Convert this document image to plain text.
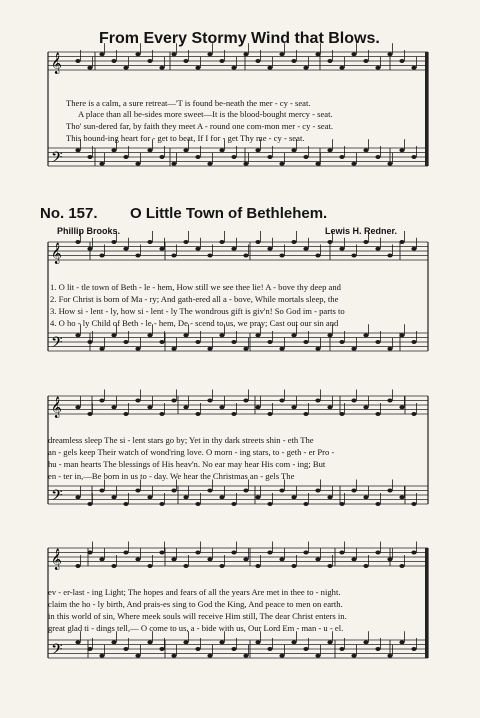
From Every Stormy Wind that Blows.
No. 157. O Little Town of Bethlehem.
Phillip Brooks.	Lewis H. Redner.
𝄞
𝄢
𝄞
𝄢
𝄞
𝄢
𝄞
𝄢
There is a calm, a sure retreat—'T is found be-neath the mer - cy - seat.
A place than all be-sides more sweet—It is the blood-bought mercy - seat.
Tho' sun-dered far, by faith they meet A - round one com-mon mer - cy - seat.
This bound-ing heart for - get to beat, If I for - get Thy me - cy - seat.
1. O lit - tle town of Beth - le - hem, How still we see thee lie! A - bove thy deep and
2. For Christ is born of Ma - ry; And gath-ered all a - bove, While mortals sleep, the
3. How si - lent - ly, how si - lent - ly The wondrous gift is giv'n! So God im - parts to
4. O ho - ly Child of Beth - le - hem, De - scend to us, we pray; Cast out our sin and
dreamless sleep The si - lent stars go by; Yet in thy dark streets shin - eth The
an - gels keep Their watch of wond'ring love. O morn - ing stars, to - geth - er Pro -
hu - man hearts The blessings of His heav'n. No ear may hear His com - ing; But
en - ter in,—Be born in us to - day. We hear the Christmas an - gels The
ev - er-last - ing Light; The hopes and fears of all the years Are met in thee to - night.
claim the ho - ly birth, And prais-es sing to God the King, And peace to men on earth.
in this world of sin, Where meek souls will receive Him still, The dear Christ enters in.
great glad ti - dings tell,— O come to us, a - bide with us, Our Lord Em - man - u - el.
